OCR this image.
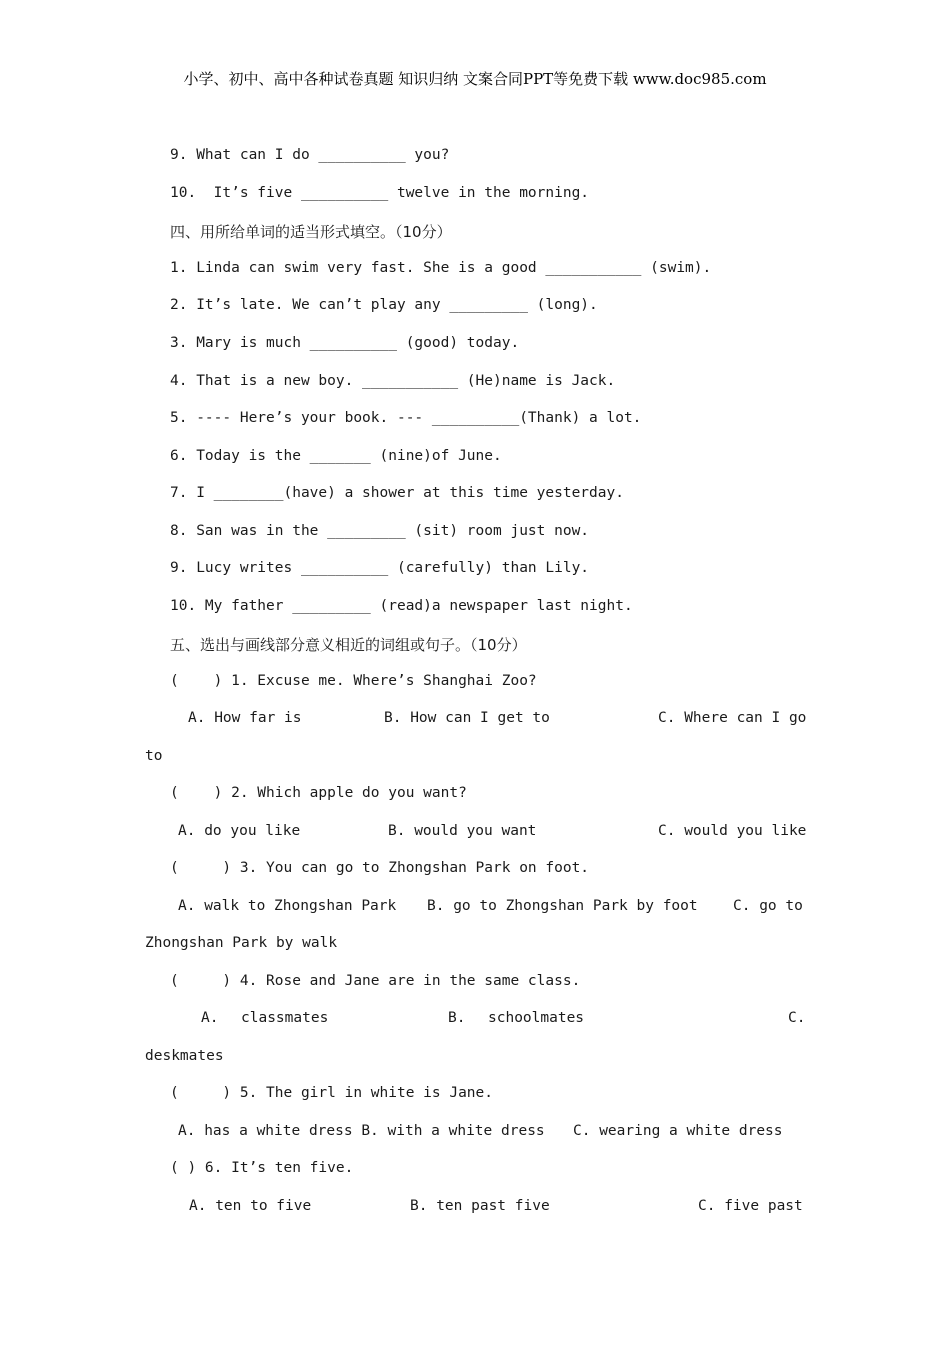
小学、初中、高中各种试卷真题 知识归纳 文案合同PPT等免费下载 www.doc985.com
9. What can I do __________ you?
10.  It’s five __________ twelve in the morning.
四、用所给单词的适当形式填空。（10分）
1. Linda can swim very fast. She is a good ___________ (swim).
2. It’s late. We can’t play any _________ (long).
3. Mary is much __________ (good) today.
4. That is a new boy. ___________ (He)name is Jack.
5. ---- Here’s your book. --- __________(Thank) a lot.
6. Today is the _______ (nine)of June.
7. I ________(have) a shower at this time yesterday.
8. San was in the _________ (sit) room just now.
9. Lucy writes __________ (carefully) than Lily.
10. My father _________ (read)a newspaper last night.
五、选出与画线部分意义相近的词组或句子。（10分）
(    ) 1. Excuse me. Where’s Shanghai Zoo?
A. How far is	B. How can I get to	C. Where can I go
to
(    ) 2. Which apple do you want?
A. do you like	B. would you want	C. would you like
(     ) 3. You can go to Zhongshan Park on foot.
A. walk to Zhongshan Park B. go to Zhongshan Park by foot C. go to
Zhongshan Park by walk
(     ) 4. Rose and Jane are in the same class.
A. classmates	B. schoolmates	C.
deskmates
(     ) 5. The girl in white is Jane.
A. has a white dress B. with a white dress C. wearing a white dress
( ) 6. It’s ten five.
A. ten to five	B. ten past five	C. five past
